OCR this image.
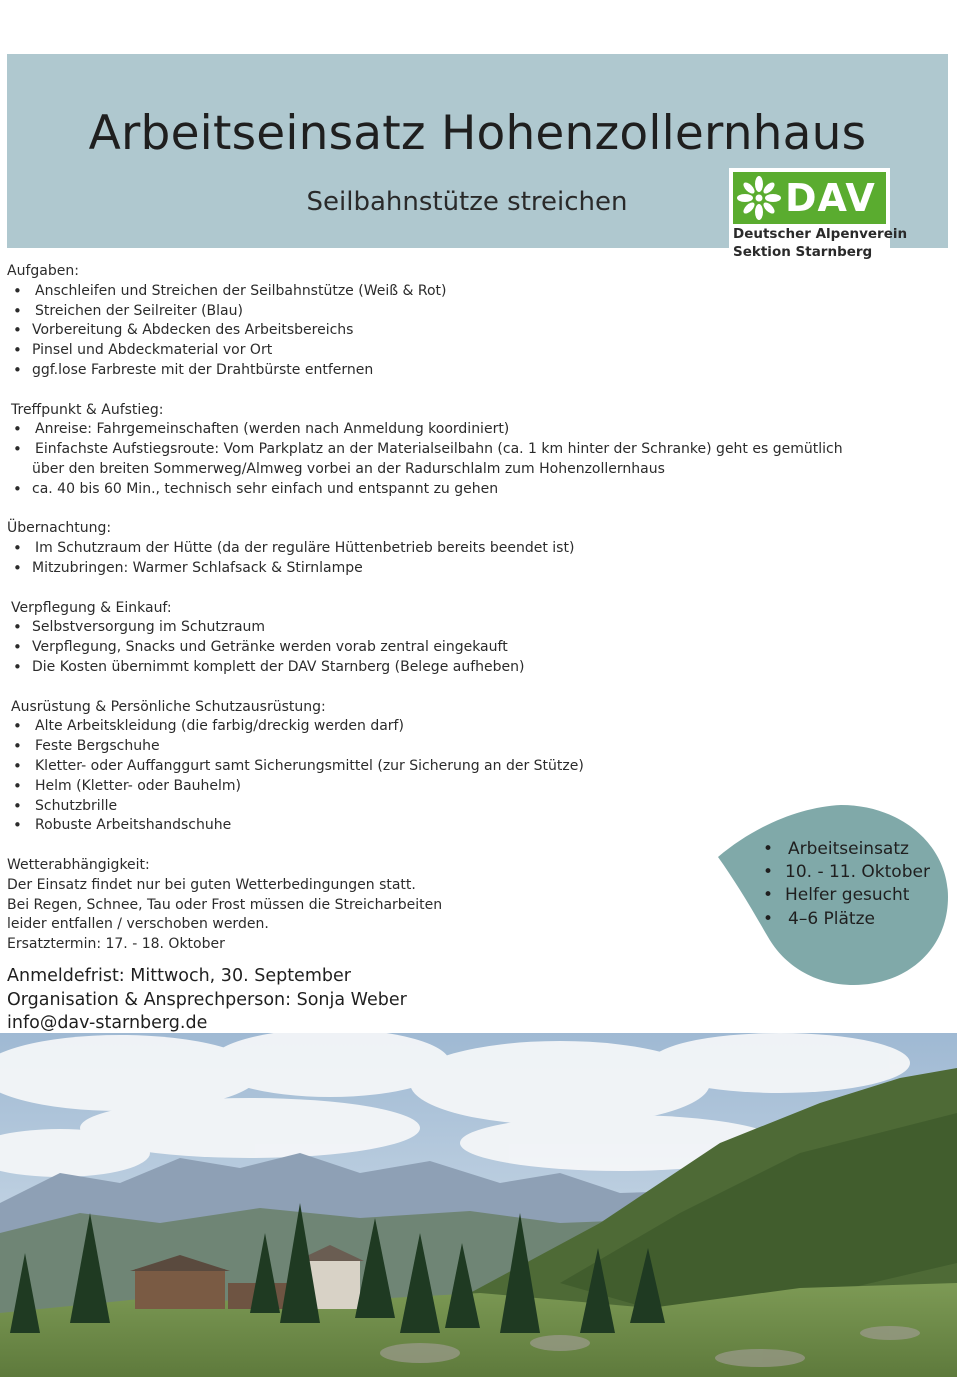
Arbeitseinsatz Hohenzollernhaus
Seilbahnstütze streichen	DAV
Deutscher Alpenverein
Sektion Starnberg

Aufgaben:

• Anschleifen und Streichen der Seilbahnstütze (Weiß & Rot)
• Streichen der Seilreiter (Blau)
• Vorbereitung & Abdecken des Arbeitsbereichs
• Pinsel und Abdeckmaterial vor Ort
• ggf.lose Farbreste mit der Drahtbürste entfernen

Treffpunkt & Aufstieg:

• Anreise: Fahrgemeinschaften (werden nach Anmeldung koordiniert)
• Einfachste Aufstiegsroute: Vom Parkplatz an der Materialseilbahn (ca. 1 km hinter der Schranke) geht es gemütlich
über den breiten Sommerweg/Almweg vorbei an der Radurschlalm zum Hohenzollernhaus
• ca. 40 bis 60 Min., technisch sehr einfach und entspannt zu gehen

Übernachtung:

• Im Schutzraum der Hütte (da der reguläre Hüttenbetrieb bereits beendet ist)
• Mitzubringen: Warmer Schlafsack & Stirnlampe

Verpflegung & Einkauf:

• Selbstversorgung im Schutzraum
• Verpflegung, Snacks und Getränke werden vorab zentral eingekauft
• Die Kosten übernimmt komplett der DAV Starnberg (Belege aufheben)

Ausrüstung & Persönliche Schutzausrüstung:

• Alte Arbeitskleidung (die farbig/dreckig werden darf)
• Feste Bergschuhe
• Kletter- oder Auffanggurt samt Sicherungsmittel (zur Sicherung an der Stütze)
• Helm (Kletter- oder Bauhelm)
• Schutzbrille
• Robuste Arbeitshandschuhe

Wetterabhängigkeit:

Der Einsatz findet nur bei guten Wetterbedingungen statt.

Bei Regen, Schnee, Tau oder Frost müssen die Streicharbeiten

leider entfallen / verschoben werden.

Ersatztermin: 17. - 18. Oktober

Anmeldefrist: Mittwoch, 30. September

Organisation & Ansprechperson: Sonja Weber

info@dav-starnberg.de

• Arbeitseinsatz
• 10. - 11. Oktober
• Helfer gesucht
• 4–6 Plätze
